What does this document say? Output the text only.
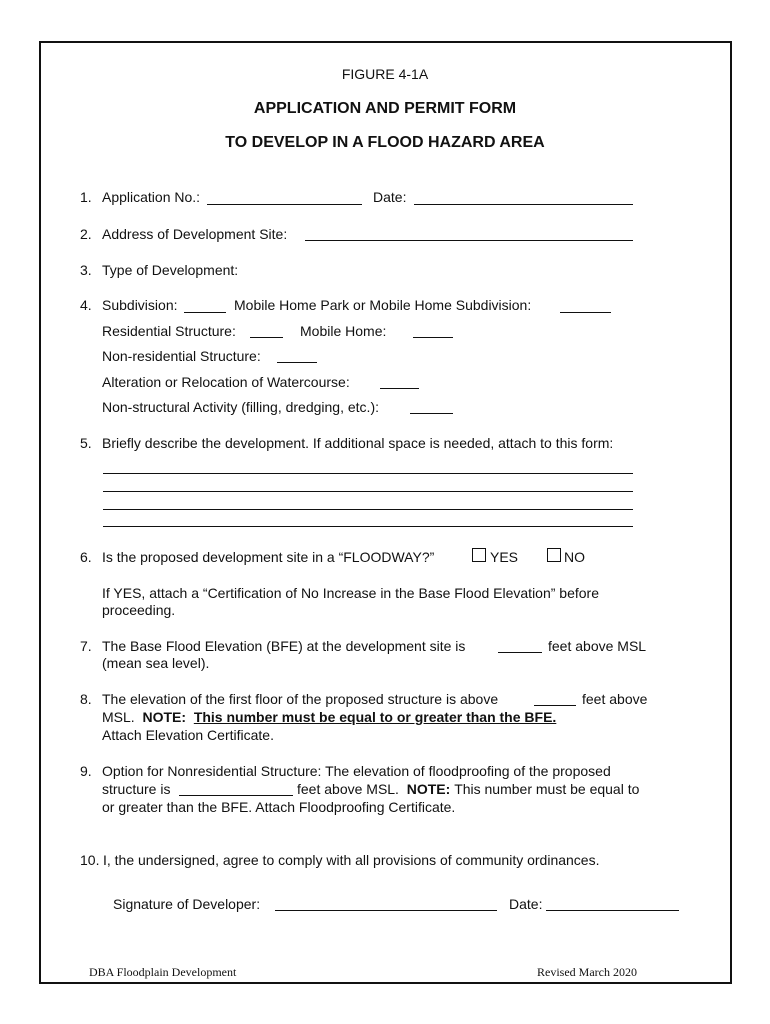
FIGURE 4-1A
APPLICATION AND PERMIT FORM
TO DEVELOP IN A FLOOD HAZARD AREA
1. Application No.:	Date:
2. Address of Development Site:
3. Type of Development:
4. Subdivision:	Mobile Home Park or Mobile Home Subdivision:
Residential Structure:	Mobile Home:
Non-residential Structure:
Alteration or Relocation of Watercourse:
Non-structural Activity (filling, dredging, etc.):
5. Briefly describe the development. If additional space is needed, attach to this form:
6. Is the proposed development site in a “FLOODWAY?”	YES	NO
If YES, attach a “Certification of No Increase in the Base Flood Elevation” before
proceeding.
7. The Base Flood Elevation (BFE) at the development site is	feet above MSL
(mean sea level).
8. The elevation of the first floor of the proposed structure is above	feet above
MSL. NOTE: This number must be equal to or greater than the BFE.
Attach Elevation Certificate.
9. Option for Nonresidential Structure: The elevation of floodproofing of the proposed
structure is	feet above MSL. NOTE: This number must be equal to
or greater than the BFE. Attach Floodproofing Certificate.
10. I, the undersigned, agree to comply with all provisions of community ordinances.
Signature of Developer:	Date:
DBA Floodplain Development	Revised March 2020
